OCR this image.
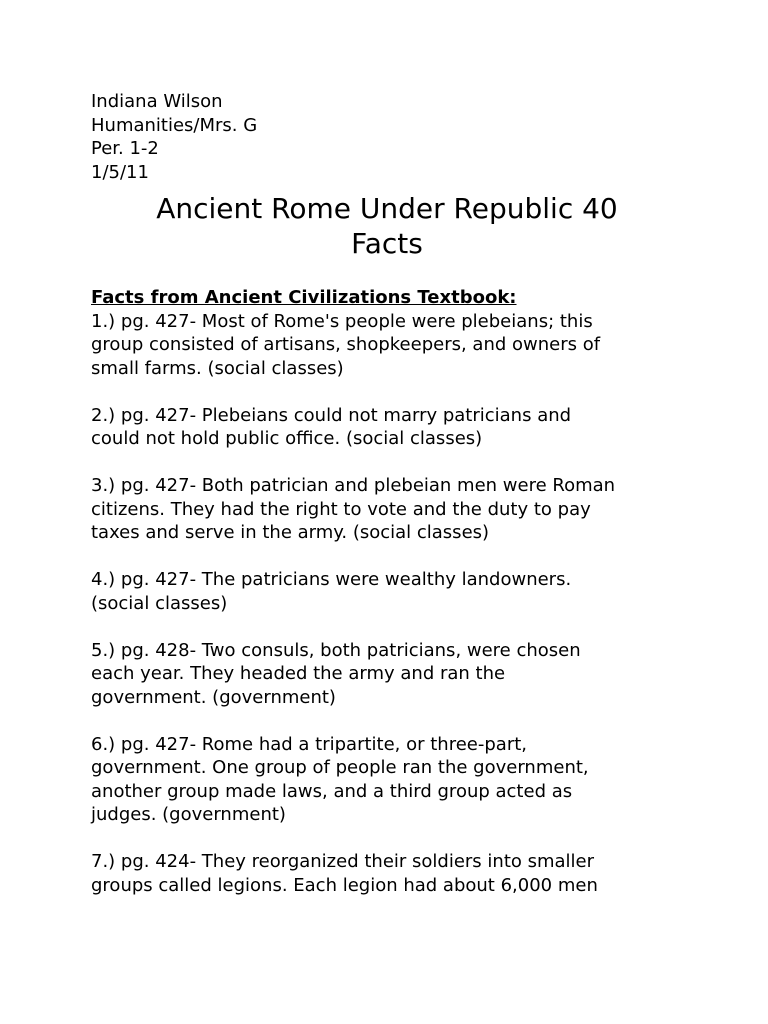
Indiana Wilson

Humanities/Mrs. G

Per. 1-2

1/5/11

Ancient Rome Under Republic 40
Facts

Facts from Ancient Civilizations Textbook:

1.) pg. 427- Most of Rome's people were plebeians; this
group consisted of artisans, shopkeepers, and owners of
small farms. (social classes)

2.) pg. 427- Plebeians could not marry patricians and
could not hold public office. (social classes)

3.) pg. 427- Both patrician and plebeian men were Roman
citizens. They had the right to vote and the duty to pay
taxes and serve in the army. (social classes)

4.) pg. 427- The patricians were wealthy landowners.
(social classes)

5.) pg. 428- Two consuls, both patricians, were chosen
each year. They headed the army and ran the
government. (government)

6.) pg. 427- Rome had a tripartite, or three-part,
government. One group of people ran the government,
another group made laws, and a third group acted as
judges. (government)

7.) pg. 424- They reorganized their soldiers into smaller
groups called legions. Each legion had about 6,000 men
